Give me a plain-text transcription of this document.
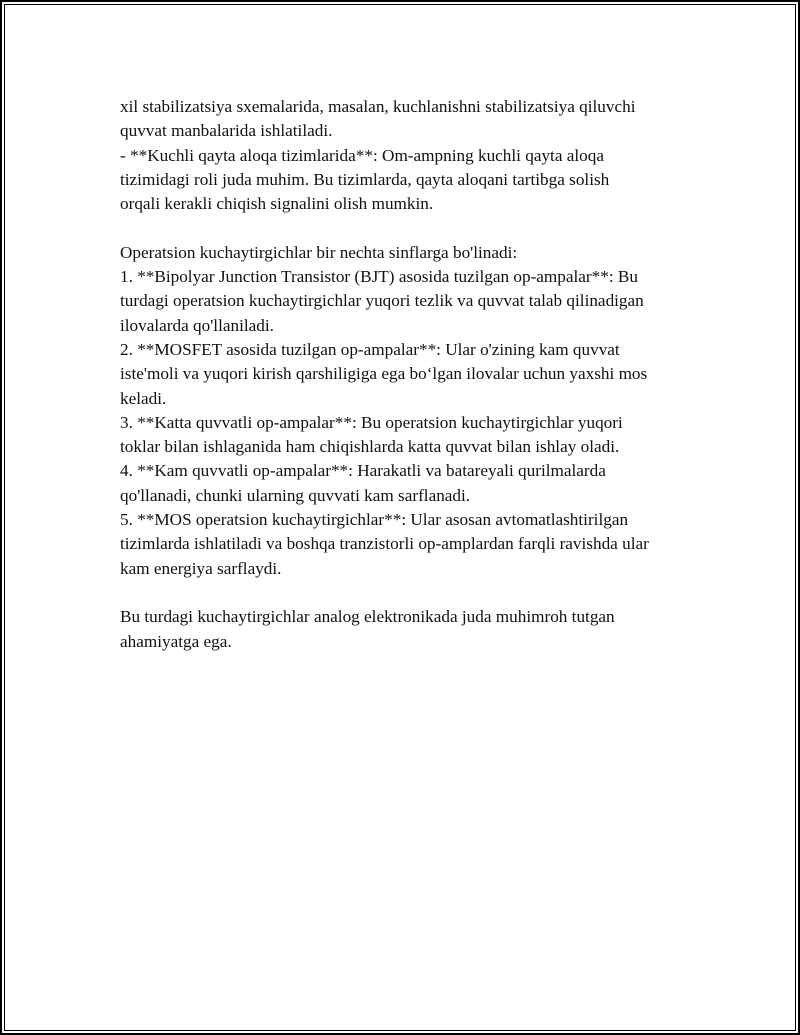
xil stabilizatsiya sxemalarida, masalan, kuchlanishni stabilizatsiya qiluvchi
quvvat manbalarida ishlatiladi.
- **Kuchli qayta aloqa tizimlarida**: Om-ampning kuchli qayta aloqa
tizimidagi roli juda muhim. Bu tizimlarda, qayta aloqani tartibga solish
orqali kerakli chiqish signalini olish mumkin.
Operatsion kuchaytirgichlar bir nechta sinflarga bo'linadi:
1. **Bipolyar Junction Transistor (BJT) asosida tuzilgan op-ampalar**: Bu
turdagi operatsion kuchaytirgichlar yuqori tezlik va quvvat talab qilinadigan
ilovalarda qo'llaniladi.
2. **MOSFET asosida tuzilgan op-ampalar**: Ular o'zining kam quvvat
iste'moli va yuqori kirish qarshiligiga ega bo‘lgan ilovalar uchun yaxshi mos
keladi.
3. **Katta quvvatli op-ampalar**: Bu operatsion kuchaytirgichlar yuqori
toklar bilan ishlaganida ham chiqishlarda katta quvvat bilan ishlay oladi.
4. **Kam quvvatli op-ampalar**: Harakatli va batareyali qurilmalarda
qo'llanadi, chunki ularning quvvati kam sarflanadi.
5. **MOS operatsion kuchaytirgichlar**: Ular asosan avtomatlashtirilgan
tizimlarda ishlatiladi va boshqa tranzistorli op-amplardan farqli ravishda ular
kam energiya sarflaydi.
Bu turdagi kuchaytirgichlar analog elektronikada juda muhimroh tutgan
ahamiyatga ega.
